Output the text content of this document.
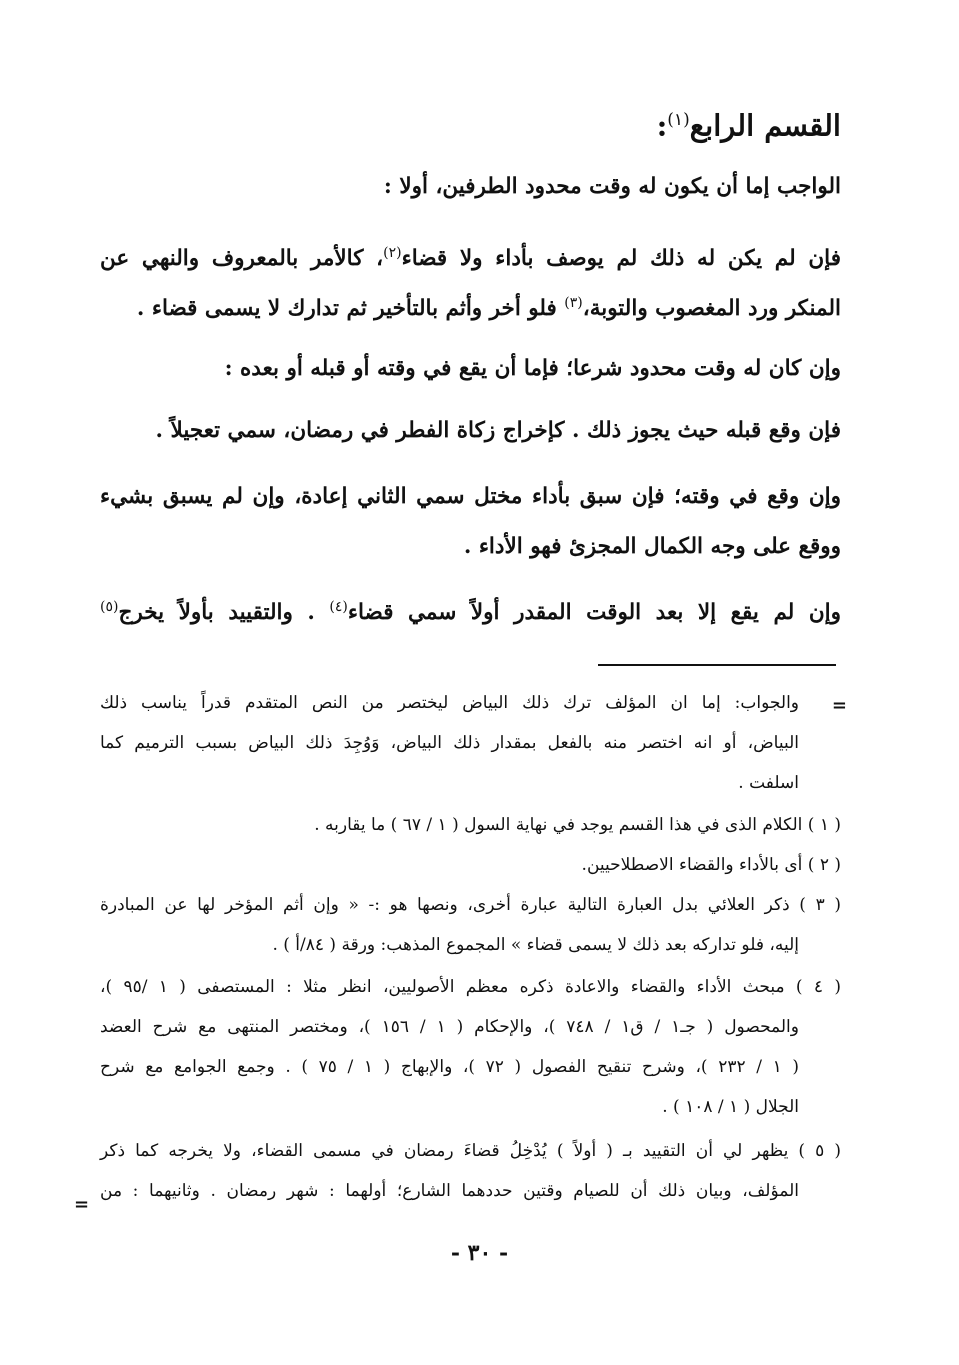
القسم الرابع$^{(١)}$:
الواجب إما أن يكون له وقت محدود الطرفين، أولا :
فإن لم يكن له ذلك لم يوصف بأداء ولا قضاء$^{(٢)}$، كالأمر بالمعروف والنهي عن
المنكر ورد المغصوب والتوبة،$^{(٣)}$ فلو أخر وأثم بالتأخير ثم تدارك لا يسمى قضاء .
وإن كان له وقت محدود شرعا؛ فإما أن يقع في وقته أو قبله أو بعده :
فإن وقع قبله حيث يجوز ذلك . كإخراج زكاة الفطر في رمضان، سمي تعجيلاً .
وإن وقع في وقته؛ فإن سبق بأداء مختل سمي الثاني إعادة، وإن لم يسبق بشيء
ووقع على وجه الكمال المجزئ فهو الأداء .
وإن لم يقع إلا بعد الوقت المقدر أولاً سمي قضاء$^{(٤)}$ . والتقييد بأولاً يخرج$^{(٥)}$
=
والجواب: إما ان المؤلف ترك ذلك البياض ليختصر من النص المتقدم قدراً يناسب ذلك
البياض، أو انه اختصر منه بالفعل بمقدار ذلك البياض، وَوُجِدَ ذلك البياض بسبب الترميم كما
اسلفت .
( ١ ) الكلام الذى في هذا القسم يوجد في نهاية السول ( ١ / ٦٧ ) ما يقاربه .
( ٢ ) أى بالأداء والقضاء الاصطلاحيين.
( ٣ ) ذكر العلائي بدل العبارة التالية عبارة أخرى، ونصها هو :- « وإن أثم المؤخر لها عن المبادرة
إليه، فلو تداركه بعد ذلك لا يسمى قضاء » المجموع المذهب: ورقة ( ٨٤/أ ) .
( ٤ ) مبحث الأداء والقضاء والاعادة ذكره معظم الأصوليين، انظر مثلا : المستصفى ( ١ /٩٥ )،
والمحصول ( جـ١ / ق١ / ٧٤٨ )، والإحكام ( ١ / ١٥٦ )، ومختصر المنتهى مع شرح العضد
( ١ / ٢٣٢ )، وشرح تنقيح الفصول ( ٧٢ )، والإبهاج ( ١ / ٧٥ ) . وجمع الجوامع مع شرح
الجلال ( ١ / ١٠٨ ) .
( ٥ ) يظهر لي أن التقييد بـ ( أولاً ) يُدْخِلُ قضاءَ رمضان في مسمى القضاء، ولا يخرجه كما ذكر
المؤلف، وبيان ذلك أن للصيام وقتين حددهما الشارع؛ أولهما : شهر رمضان . وثانيهما : من
=
- ٣٠ -
